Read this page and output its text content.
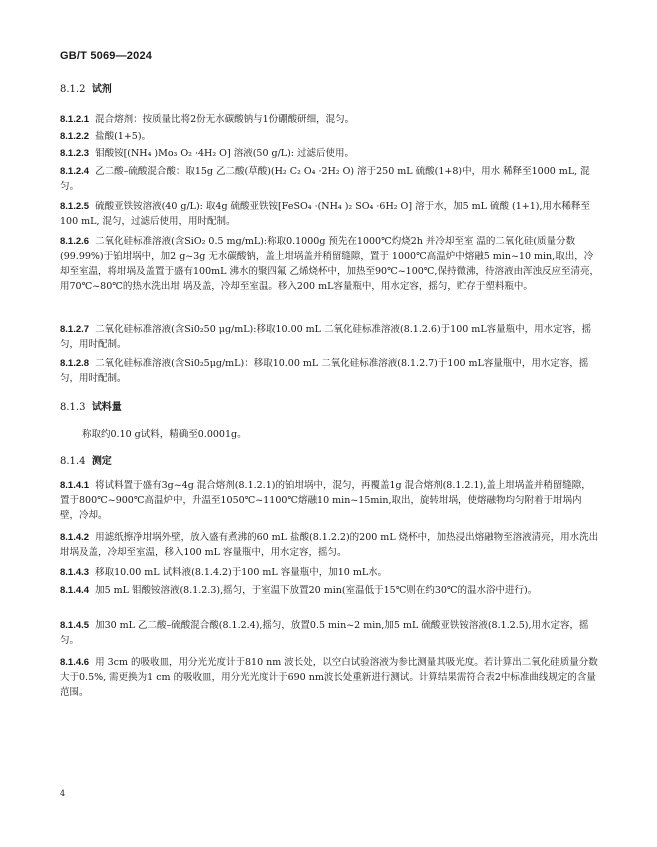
GB/T 5069—2024
8.1.2 试剂
8.1.2.1 混合熔剂：按质量比将2份无水碳酸钠与1份硼酸研细，混匀。
8.1.2.2 盐酸(1+5)。
8.1.2.3 钼酸铵[(NH₄ )Mo₃ O₂ ·4H₂ O] 溶液(50 g/L): 过滤后使用。
8.1.2.4 乙二酸–硫酸混合酸：取15g 乙二酸(草酸)(H₂ C₂ O₄ ·2H₂ O) 溶于250 mL 硫酸(1+8)中，用水 稀释至1000 mL, 混匀。
8.1.2.5 硫酸亚铁铵溶液(40 g/L): 取4g 硫酸亚铁铵[FeSO₄ ·(NH₄ )₂ SO₄ ·6H₂ O] 溶于水，加5 mL 硫酸 (1+1),用水稀释至100 mL, 混匀，过滤后使用，用时配制。
8.1.2.6 二氧化硅标准溶液(含SiO₂ 0.5 mg/mL):称取0.1000g 预先在1000℃灼烧2h 并冷却至室 温的二氧化硅(质量分数(99.99%)于铂坩埚中，加2 g~3g 无水碳酸钠，盖上坩埚盖并稍留缝隙，置于 1000℃高温炉中熔融5 min~10 min,取出，冷却至室温，将坩埚及盖置于盛有100mL 沸水的聚四氟 乙烯烧杯中，加热至90℃~100℃,保持微沸，待溶液由浑浊反应至清亮，用70℃~80℃的热水洗出坩 埚及盖，冷却至室温。移入200 mL容量瓶中，用水定容，摇匀，贮存于塑料瓶中。
8.1.2.7 二氧化硅标准溶液(含Si0₂50 μg/mL):移取10.00 mL 二氧化硅标准溶液(8.1.2.6)于100 mL容量瓶中，用水定容，摇匀，用时配制。
8.1.2.8 二氧化硅标准溶液(含Si0₂5μg/mL)：移取10.00 mL 二氧化硅标准溶液(8.1.2.7)于100 mL容量瓶中，用水定容，摇匀，用时配制。
8.1.3 试料量
称取约0.10 g试料，精确至0.0001g。
8.1.4 测定
8.1.4.1 将试料置于盛有3g~4g 混合熔剂(8.1.2.1)的铂坩埚中，混匀，再覆盖1g 混合熔剂(8.1.2.1),盖上坩埚盖并稍留缝隙，置于800℃~900℃高温炉中，升温至1050℃~1100℃熔融10 min~15min,取出，旋转坩埚，使熔融物均匀附着于坩埚内壁，冷却。
8.1.4.2 用滤纸擦净坩埚外壁，放入盛有煮沸的60 mL 盐酸(8.1.2.2)的200 mL 烧杯中，加热浸出熔融物至溶液清亮，用水洗出坩埚及盖，冷却至室温，移入100 mL 容量瓶中，用水定容，摇匀。
8.1.4.3 移取10.00 mL 试料液(8.1.4.2)于100 mL 容量瓶中，加10 mL水。
8.1.4.4 加5 mL 钼酸铵溶液(8.1.2.3),摇匀，于室温下放置20 min(室温低于15℃则在约30℃的温水浴中进行)。
8.1.4.5 加30 mL 乙二酸–硫酸混合酸(8.1.2.4),摇匀，放置0.5 min~2 min,加5 mL 硫酸亚铁铵溶液(8.1.2.5),用水定容，摇匀。
8.1.4.6 用 3cm 的吸收皿，用分光光度计于810 nm 波长处，以空白试验溶液为参比测量其吸光度。若计算出二氧化硅质量分数大于0.5%, 需更换为1 cm 的吸收皿，用分光光度计于690 nm波长处重新进行测试。计算结果需符合表2中标准曲线规定的含量范围。
4
